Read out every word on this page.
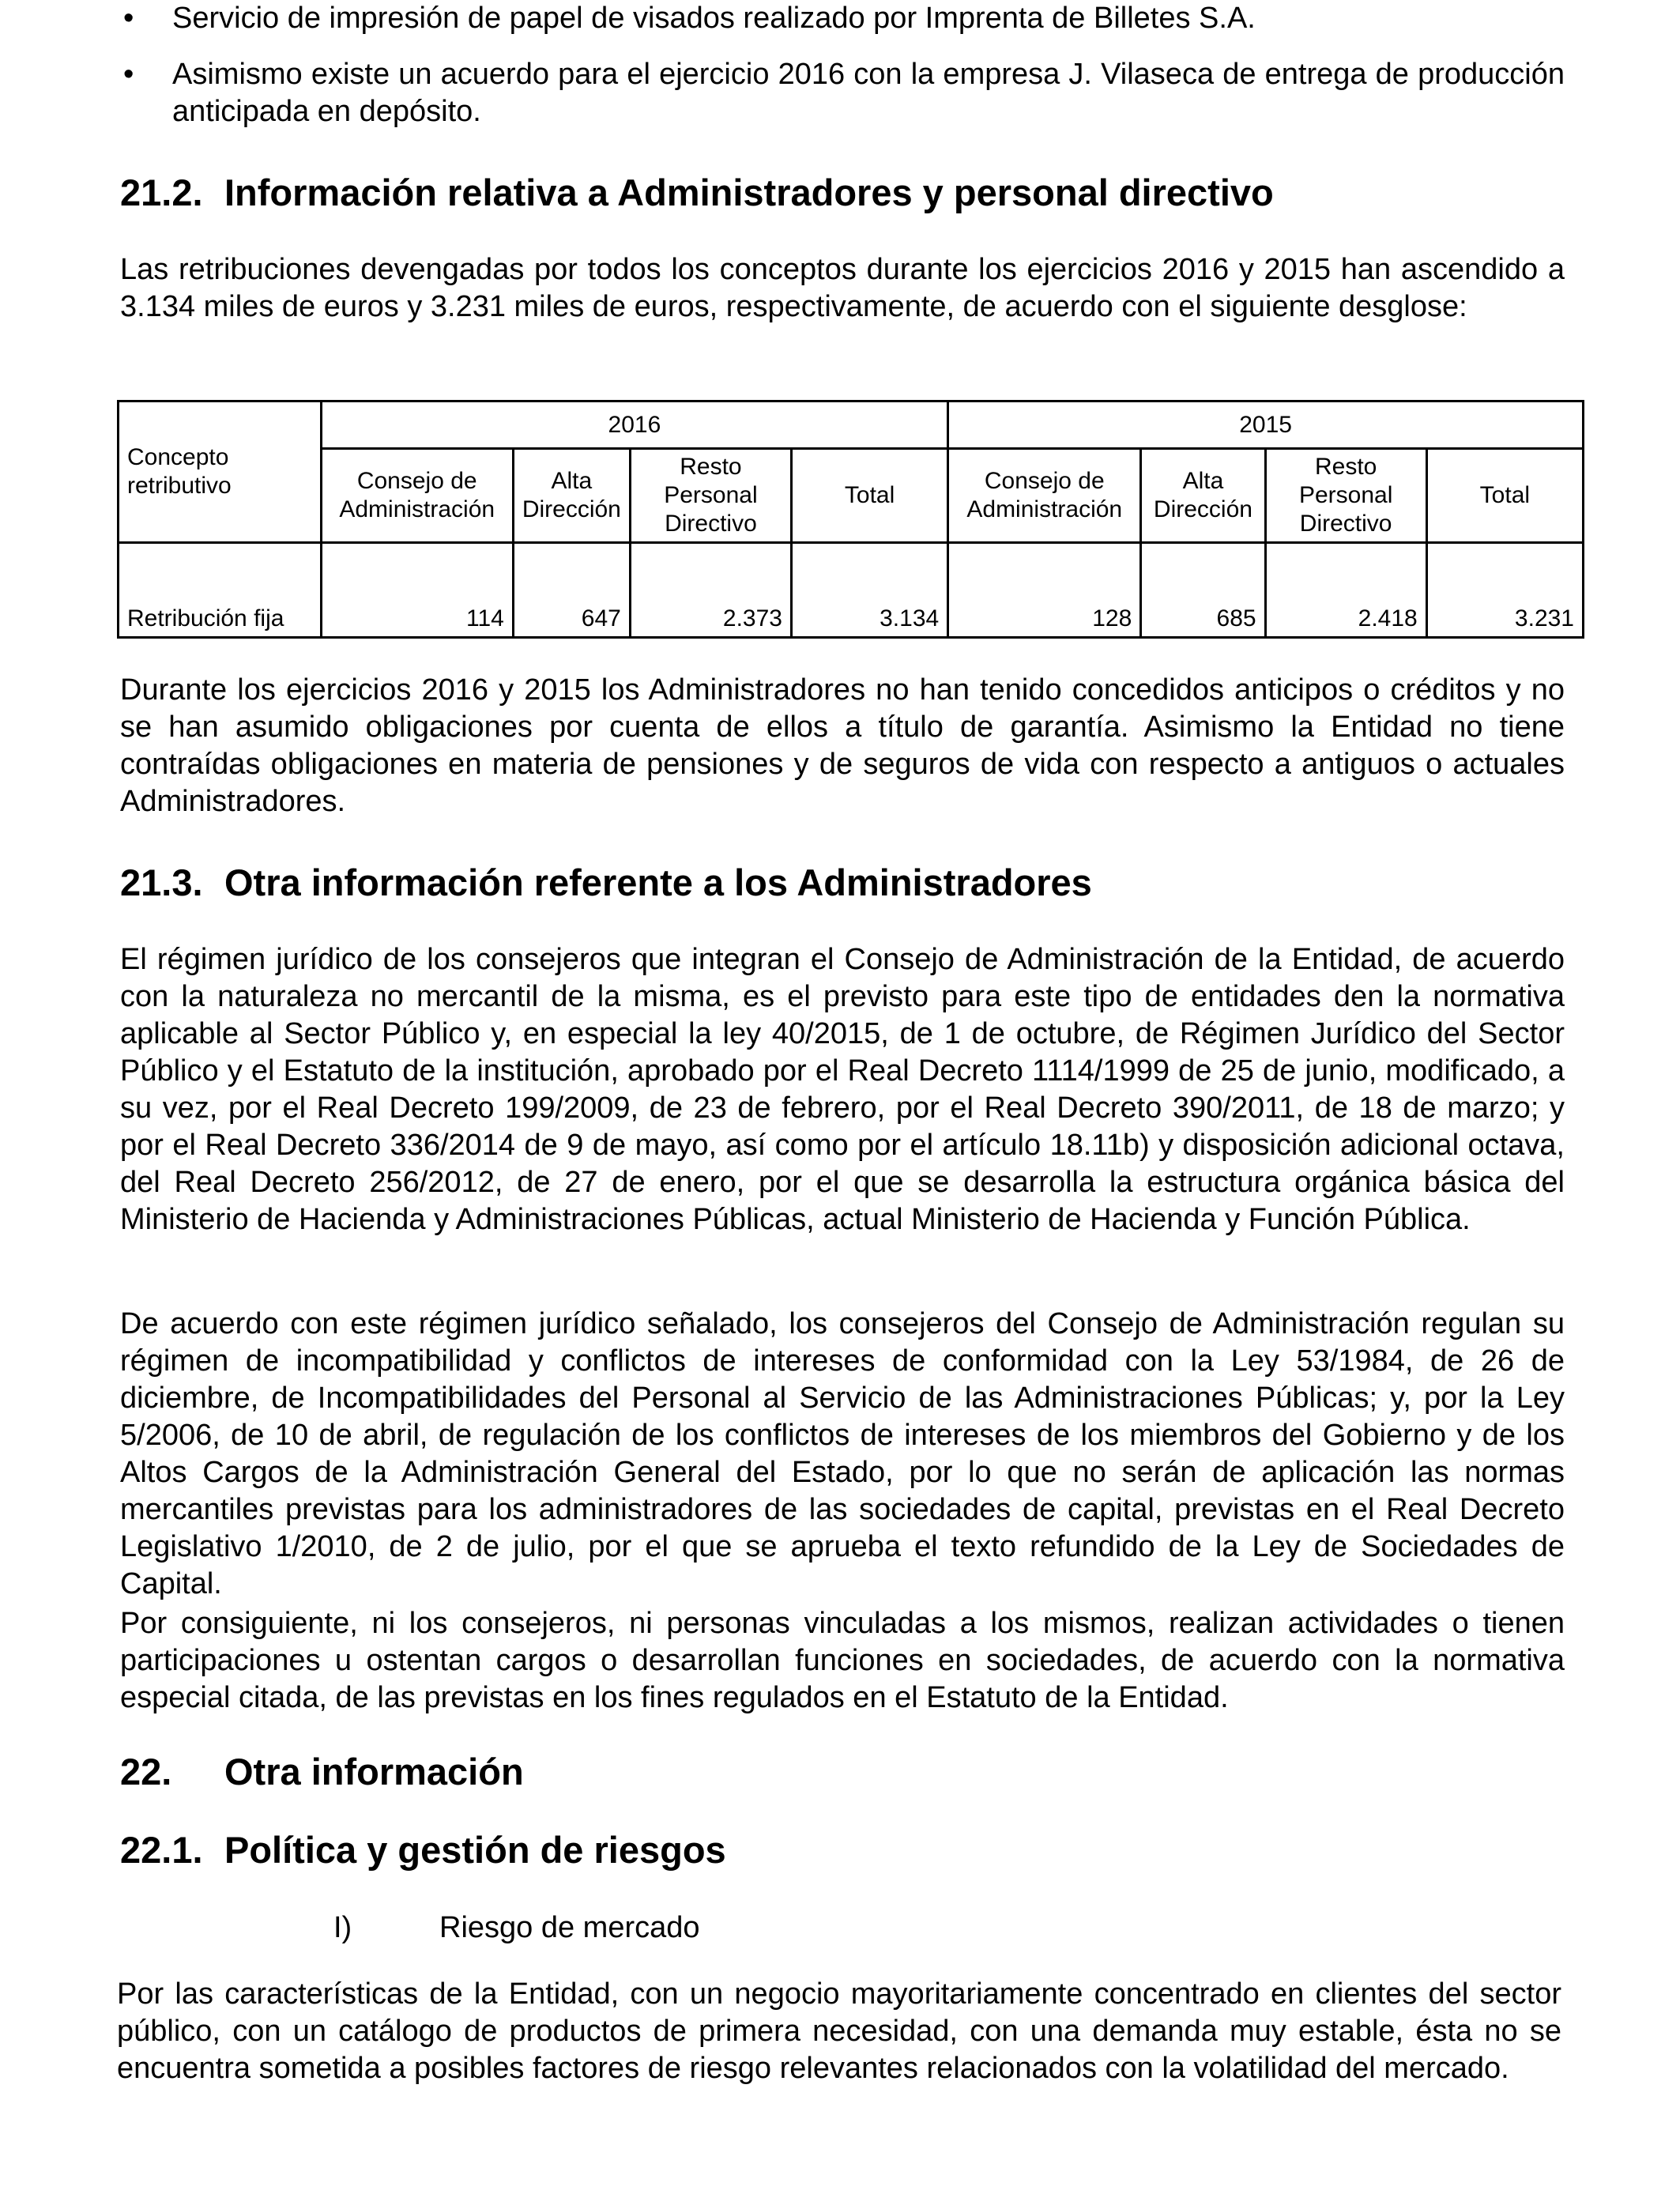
• Servicio de impresión de papel de visados realizado por Imprenta de Billetes S.A.
• Asimismo existe un acuerdo para el ejercicio 2016 con la empresa J. Vilaseca de entrega de producción anticipada en depósito.
21.2. Información relativa a Administradores y personal directivo

Las retribuciones devengadas por todos los conceptos durante los ejercicios 2016 y 2015 han ascendido a 3.134 miles de euros y 3.231 miles de euros, respectivamente, de acuerdo con el siguiente desglose:

Concepto retributivo	2016				2015			
	Consejo de Administración	Alta Dirección	Resto Personal Directivo	Total	Consejo de Administración	Alta Dirección	Resto Personal Directivo	Total
Retribución fija	114	647	2.373	3.134	128	685	2.418	3.231

Durante los ejercicios 2016 y 2015 los Administradores no han tenido concedidos anticipos o créditos y no se han asumido obligaciones por cuenta de ellos a título de garantía. Asimismo la Entidad no tiene contraídas obligaciones en materia de pensiones y de seguros de vida con respecto a antiguos o actuales Administradores.

21.3. Otra información referente a los Administradores

El régimen jurídico de los consejeros que integran el Consejo de Administración de la Entidad, de acuerdo con la naturaleza no mercantil de la misma, es el previsto para este tipo de entidades den la normativa aplicable al Sector Público y, en especial la ley 40/2015, de 1 de octubre, de Régimen Jurídico del Sector Público y el Estatuto de la institución, aprobado por el Real Decreto 1114/1999 de 25 de junio, modificado, a su vez, por el Real Decreto 199/2009, de 23 de febrero, por el Real Decreto 390/2011, de 18 de marzo; y por el Real Decreto 336/2014 de 9 de mayo, así como por el artículo 18.11b) y disposición adicional octava, del Real Decreto 256/2012, de 27 de enero, por el que se desarrolla la estructura orgánica básica del Ministerio de Hacienda y Administraciones Públicas, actual Ministerio de Hacienda y Función Pública.

De acuerdo con este régimen jurídico señalado, los consejeros del Consejo de Administración regulan su régimen de incompatibilidad y conflictos de intereses de conformidad con la Ley 53/1984, de 26 de diciembre, de Incompatibilidades del Personal al Servicio de las Administraciones Públicas; y, por la Ley 5/2006, de 10 de abril, de regulación de los conflictos de intereses de los miembros del Gobierno y de los Altos Cargos de la Administración General del Estado, por lo que no serán de aplicación las normas mercantiles previstas para los administradores de las sociedades de capital, previstas en el Real Decreto Legislativo 1/2010, de 2 de julio, por el que se aprueba el texto refundido de la Ley de Sociedades de Capital.

Por consiguiente, ni los consejeros, ni personas vinculadas a los mismos, realizan actividades o tienen participaciones u ostentan cargos o desarrollan funciones en sociedades, de acuerdo con la normativa especial citada, de las previstas en los fines regulados en el Estatuto de la Entidad.

22. Otra información
22.1. Política y gestión de riesgos
I)	Riesgo de mercado

Por las características de la Entidad, con un negocio mayoritariamente concentrado en clientes del sector público, con un catálogo de productos de primera necesidad, con una demanda muy estable, ésta no se encuentra sometida a posibles factores de riesgo relevantes relacionados con la volatilidad del mercado.
